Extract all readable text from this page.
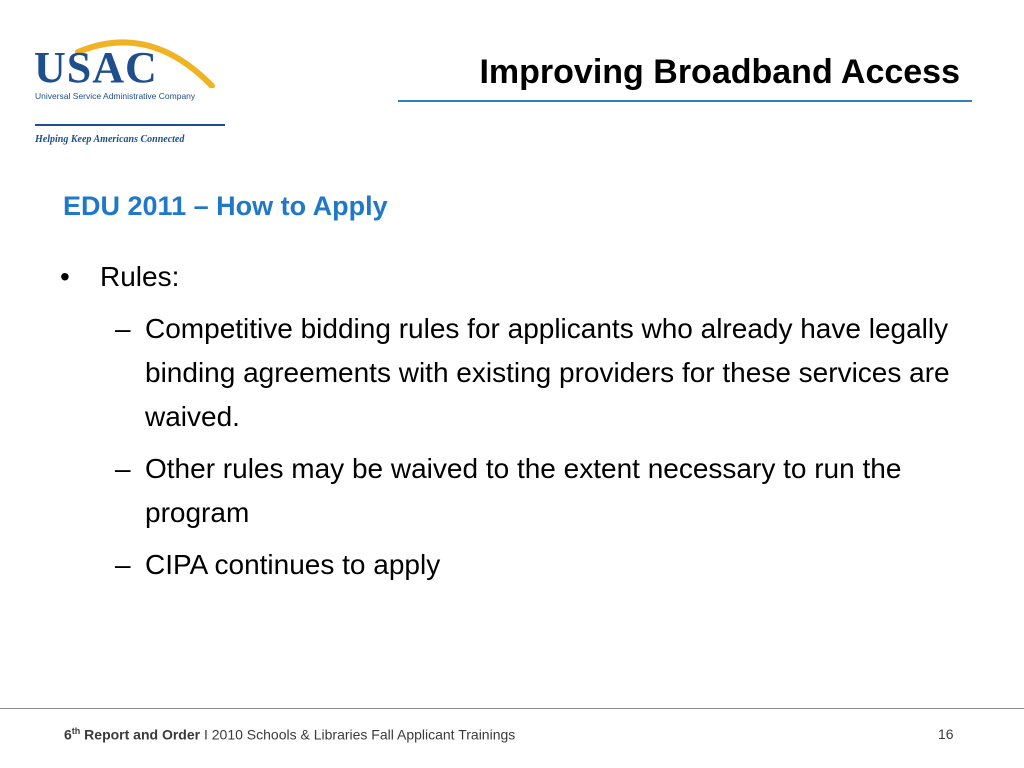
USAC
Universal Service Administrative Company
Helping Keep Americans Connected
Improving Broadband Access
EDU 2011 – How to Apply
• Rules:
– Competitive bidding rules for applicants who already have legally binding agreements with existing providers for these services are waived.
– Other rules may be waived to the extent necessary to run the program
– CIPA continues to apply
6th Report and Order I 2010 Schools & Libraries Fall Applicant Trainings	16
